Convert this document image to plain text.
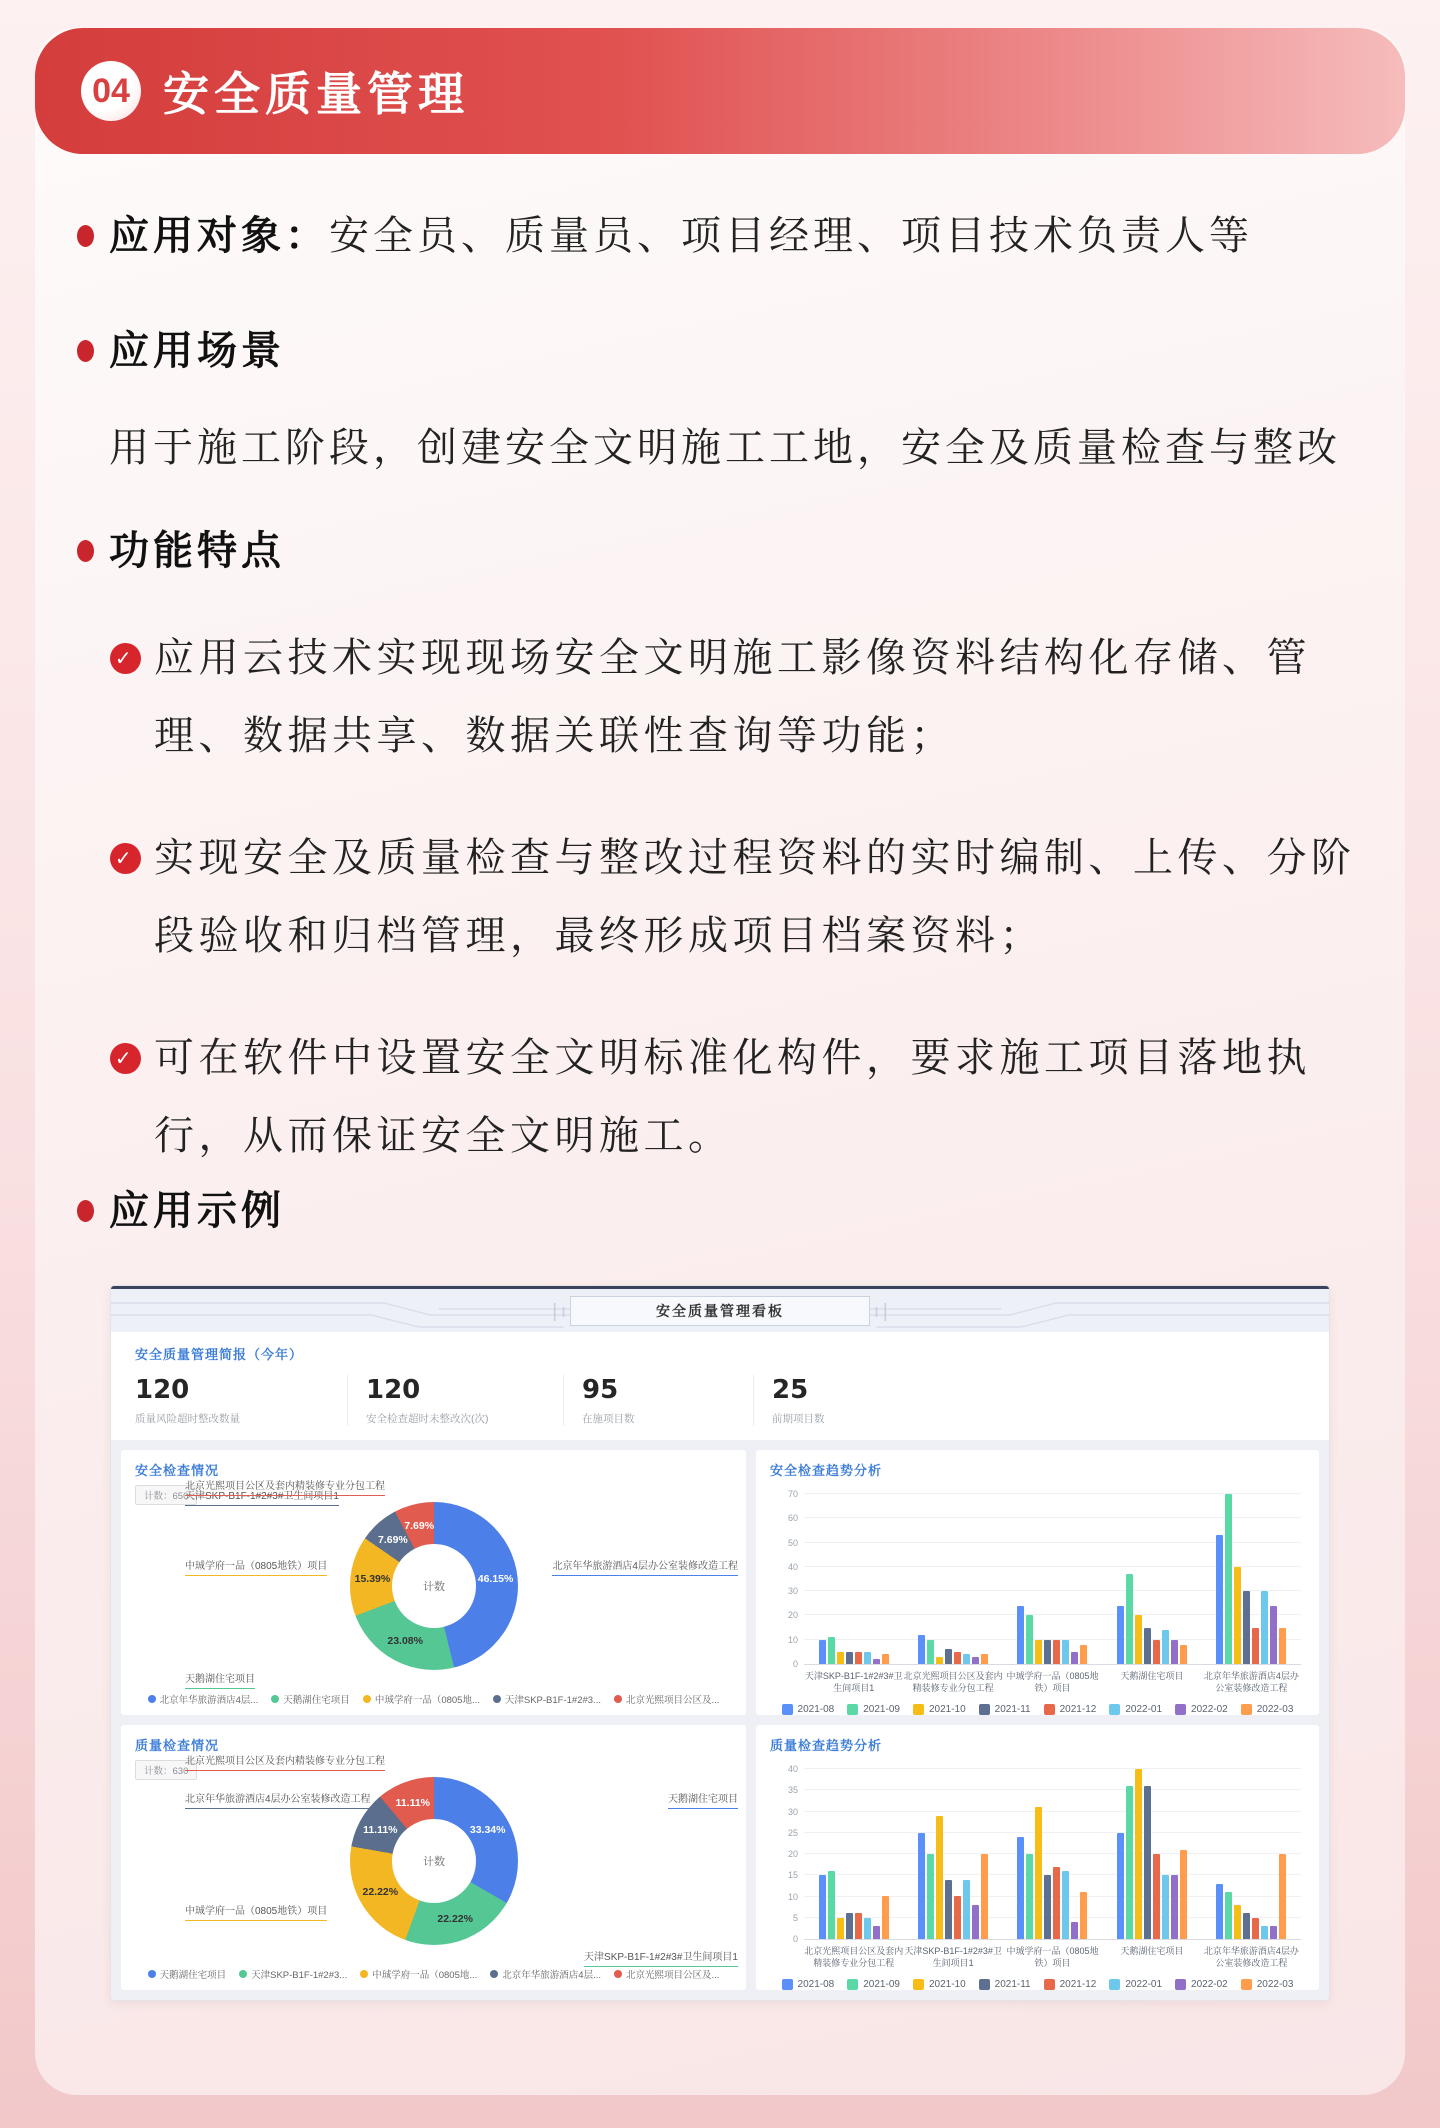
04 安全质量管理

应用对象：安全员、质量员、项目经理、项目技术负责人等

应用场景

用于施工阶段，创建安全文明施工工地，安全及质量检查与整改

功能特点

✓ 应用云技术实现现场安全文明施工影像资料结构化存储、管理、数据共享、数据关联性查询等功能；

✓ 实现安全及质量检查与整改过程资料的实时编制、上传、分阶段验收和归档管理，最终形成项目档案资料；

✓ 可在软件中设置安全文明标准化构件，要求施工项目落地执行，从而保证安全文明施工。

应用示例

安全质量管理看板
安全质量管理简报（今年）
120
质量风险超时整改数量
120
安全检查超时未整改次(次)
95
在施项目数
25
前期项目数
安全检查情况
计数：650
计数
46.15%
23.08%
15.39%
7.69%
7.69%
北京年华旅游酒店4层办公室装修改造工程
天鹅湖住宅项目
中珹学府一品（0805地铁）项目
天津SKP-B1F-1#2#3#卫生间项目1
北京光熙项目公区及套内精装修专业分包工程
北京年华旅游酒店4层...	天鹅湖住宅项目	中珹学府一品（0805地...	天津SKP-B1F-1#2#3...	北京光熙项目公区及...
安全检查趋势分析
0
10
20
30
40
50
60
70
天津SKP-B1F-1#2#3#卫生间项目1
北京光熙项目公区及套内精装修专业分包工程
中珹学府一品（0805地铁）项目
天鹅湖住宅项目	北京年华旅游酒店4层办公室装修改造工程
2021-08	2021-09	2021-10	2021-11	2021-12	2022-01	2022-02	2022-03
质量检查情况
计数：630
计数
33.34%
22.22%
22.22%
11.11%
11.11%	天鹅湖住宅项目
天津SKP-B1F-1#2#3#卫生间项目1
中珹学府一品（0805地铁）项目
北京年华旅游酒店4层办公室装修改造工程
北京光熙项目公区及套内精装修专业分包工程
天鹅湖住宅项目	天津SKP-B1F-1#2#3...	中珹学府一品（0805地...	北京年华旅游酒店4层...	北京光熙项目公区及...
质量检查趋势分析
0
5
10
15
20
25
30
35
40
北京光熙项目公区及套内精装修专业分包工程
天津SKP-B1F-1#2#3#卫生间项目1
中珹学府一品（0805地铁）项目
天鹅湖住宅项目	北京年华旅游酒店4层办公室装修改造工程
2021-08	2021-09	2021-10	2021-11	2021-12	2022-01	2022-02	2022-03
